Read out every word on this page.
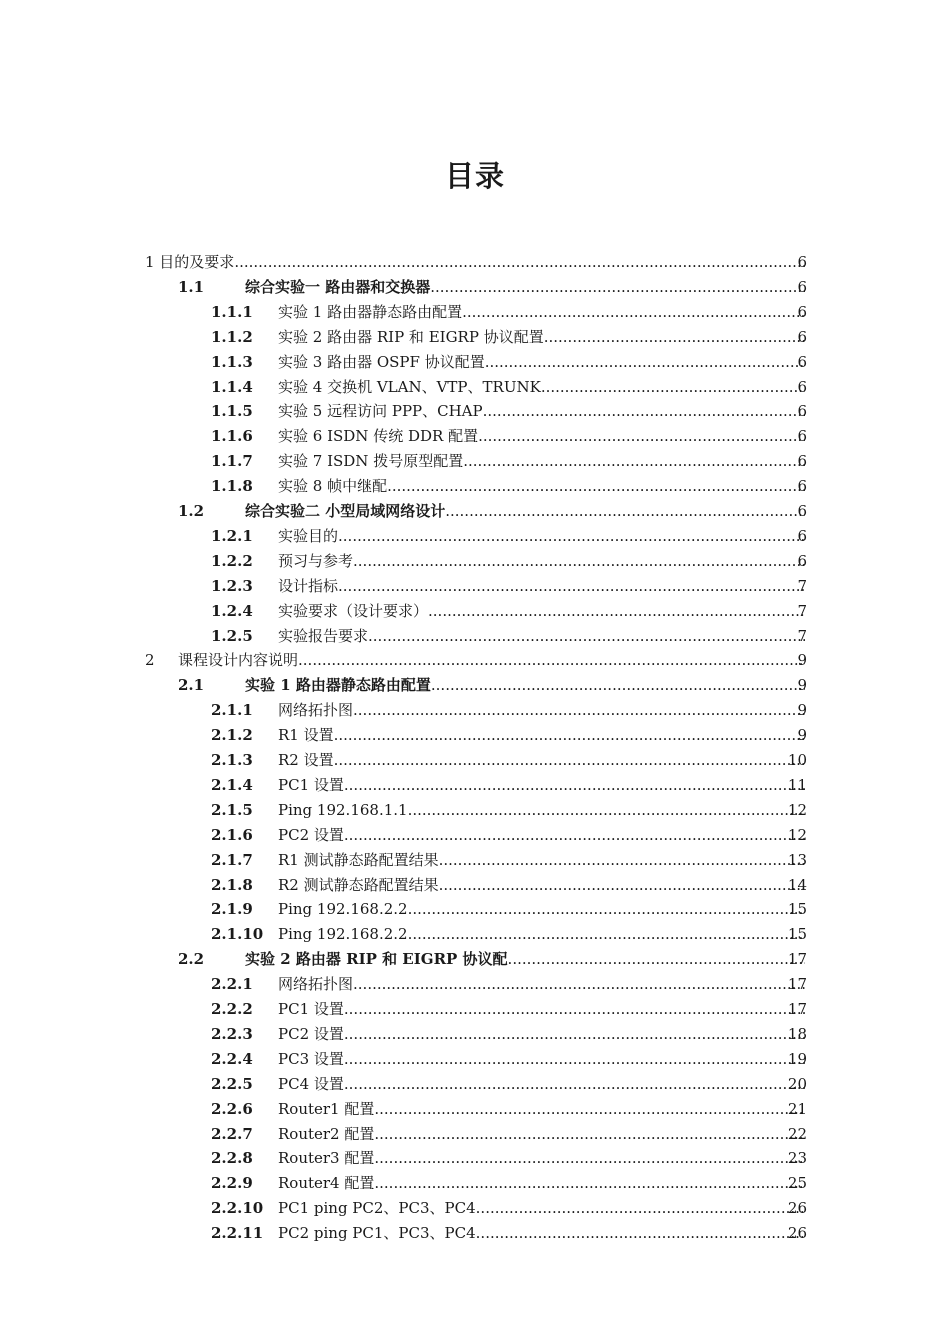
目录
1 目的及要求 .....	6
1.1	综合实验一 路由器和交换器 .....	6
1.1.1 实验 1 路由器静态路由配置 .....	6
1.1.2 实验 2 路由器 RIP 和 EIGRP 协议配置 .....	6
1.1.3 实验 3 路由器 OSPF 协议配置 .....	6
1.1.4 实验 4 交换机 VLAN、VTP、TRUNK .....	6
1.1.5 实验 5 远程访问 PPP、CHAP .....	6
1.1.6 实验 6 ISDN 传统 DDR 配置 .....	6
1.1.7 实验 7 ISDN 拨号原型配置 .....	6
1.1.8 实验 8 帧中继配 .....	6
1.2	综合实验二 小型局域网络设计 .....	6
1.2.1 实验目的 .....	6
1.2.2 预习与参考 .....	6
1.2.3 设计指标 .....	7
1.2.4 实验要求（设计要求） .....	7
1.2.5 实验报告要求 .....	7
2 课程设计内容说明 .....	9
2.1	实验 1 路由器静态路由配置 .....	9
2.1.1 网络拓扑图 .....	9
2.1.2 R1 设置 .....	9
2.1.3 R2 设置 .....	10
2.1.4 PC1 设置 .....	11
2.1.5 Ping 192.168.1.1 .....	12
2.1.6 PC2 设置 .....	12
2.1.7 R1 测试静态路配置结果 .....	13
2.1.8 R2 测试静态路配置结果 .....	14
2.1.9 Ping 192.168.2.2 .....	15
2.1.10 Ping 192.168.2.2 .....	15
2.2	实验 2 路由器 RIP 和 EIGRP 协议配 .....	17
2.2.1 网络拓扑图 .....	17
2.2.2 PC1 设置 .....	17
2.2.3 PC2 设置 .....	18
2.2.4 PC3 设置 .....	19
2.2.5 PC4 设置 .....	20
2.2.6 Router1 配置 .....	21
2.2.7 Router2 配置 .....	22
2.2.8 Router3 配置 .....	23
2.2.9 Router4 配置 .....	25
2.2.10 PC1 ping PC2、PC3、PC4 .....	26
2.2.11 PC2 ping PC1、PC3、PC4 .....	26
